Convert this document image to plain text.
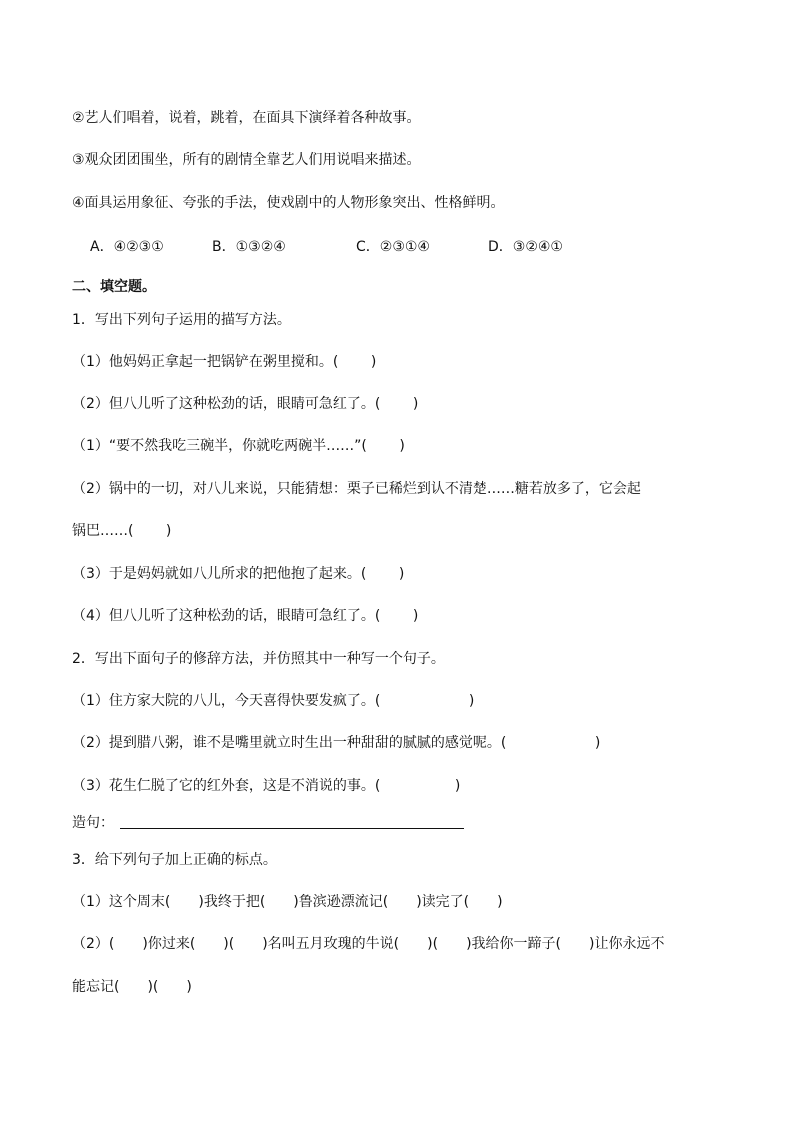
②艺人们唱着，说着，跳着，在面具下演绎着各种故事。
③观众团团围坐，所有的剧情全靠艺人们用说唱来描述。
④面具运用象征、夸张的手法，使戏剧中的人物形象突出、性格鲜明。
A．④②③①	B．①③②④	C．②③①④	D．③②④①
二、填空题。
1．写出下列句子运用的描写方法。
（1）他妈妈正拿起一把锅铲在粥里搅和。(　　 )
（2）但八儿听了这种松劲的话，眼睛可急红了。(　　 )
（1）“要不然我吃三碗半，你就吃两碗半……”(　　 )
（2）锅中的一切，对八儿来说，只能猜想：栗子已稀烂到认不清楚……糖若放多了，它会起
锅巴……(　　 )
（3）于是妈妈就如八儿所求的把他抱了起来。(　　 )
（4）但八儿听了这种松劲的话，眼睛可急红了。(　　 )
2．写出下面句子的修辞方法，并仿照其中一种写一个句子。
（1）住方家大院的八儿，今天喜得快要发疯了。(　　　　　　 )
（2）提到腊八粥，谁不是嘴里就立时生出一种甜甜的腻腻的感觉呢。(　　　　　　 )
（3）花生仁脱了它的红外套，这是不消说的事。(　　　　　 )
造句：
3．给下列句子加上正确的标点。
（1）这个周末(　　)我终于把(　　)鲁滨逊漂流记(　　)读完了(　　)
（2）(　　)你过来(　　)(　　)名叫五月玫瑰的牛说(　　)(　　)我给你一蹄子(　　)让你永远不
能忘记(　　)(　　)
